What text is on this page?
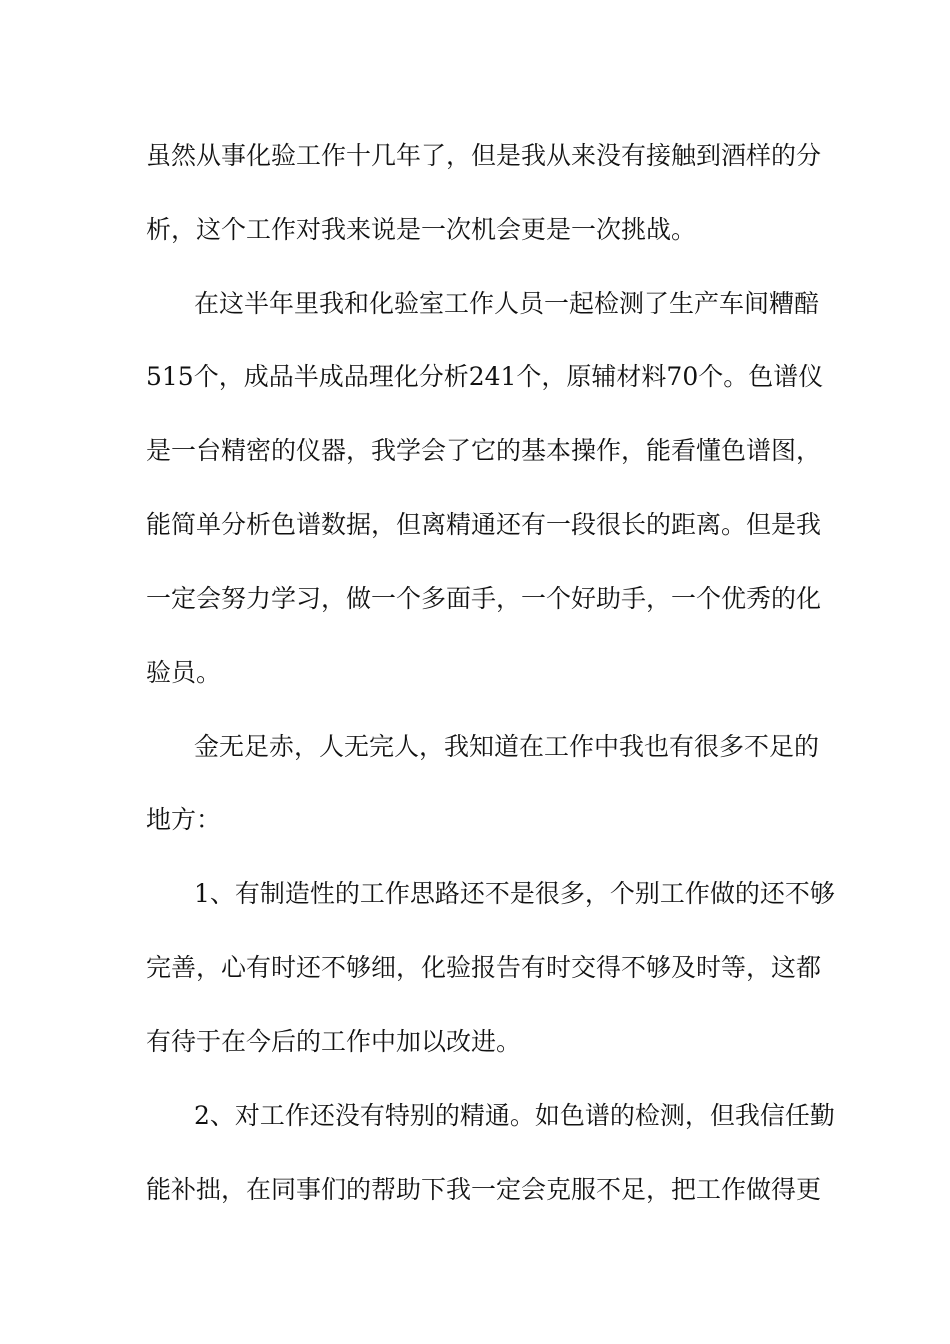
虽然从事化验工作十几年了，但是我从来没有接触到酒样的分
析，这个工作对我来说是一次机会更是一次挑战。
在这半年里我和化验室工作人员一起检测了生产车间糟醅
515个，成品半成品理化分析241个，原辅材料70个。色谱仪
是一台精密的仪器，我学会了它的基本操作，能看懂色谱图，
能简单分析色谱数据，但离精通还有一段很长的距离。但是我
一定会努力学习，做一个多面手，一个好助手，一个优秀的化
验员。
金无足赤，人无完人，我知道在工作中我也有很多不足的
地方：
1、有制造性的工作思路还不是很多，个别工作做的还不够
完善，心有时还不够细，化验报告有时交得不够及时等，这都
有待于在今后的工作中加以改进。
2、对工作还没有特别的精通。如色谱的检测，但我信任勤
能补拙，在同事们的帮助下我一定会克服不足，把工作做得更
